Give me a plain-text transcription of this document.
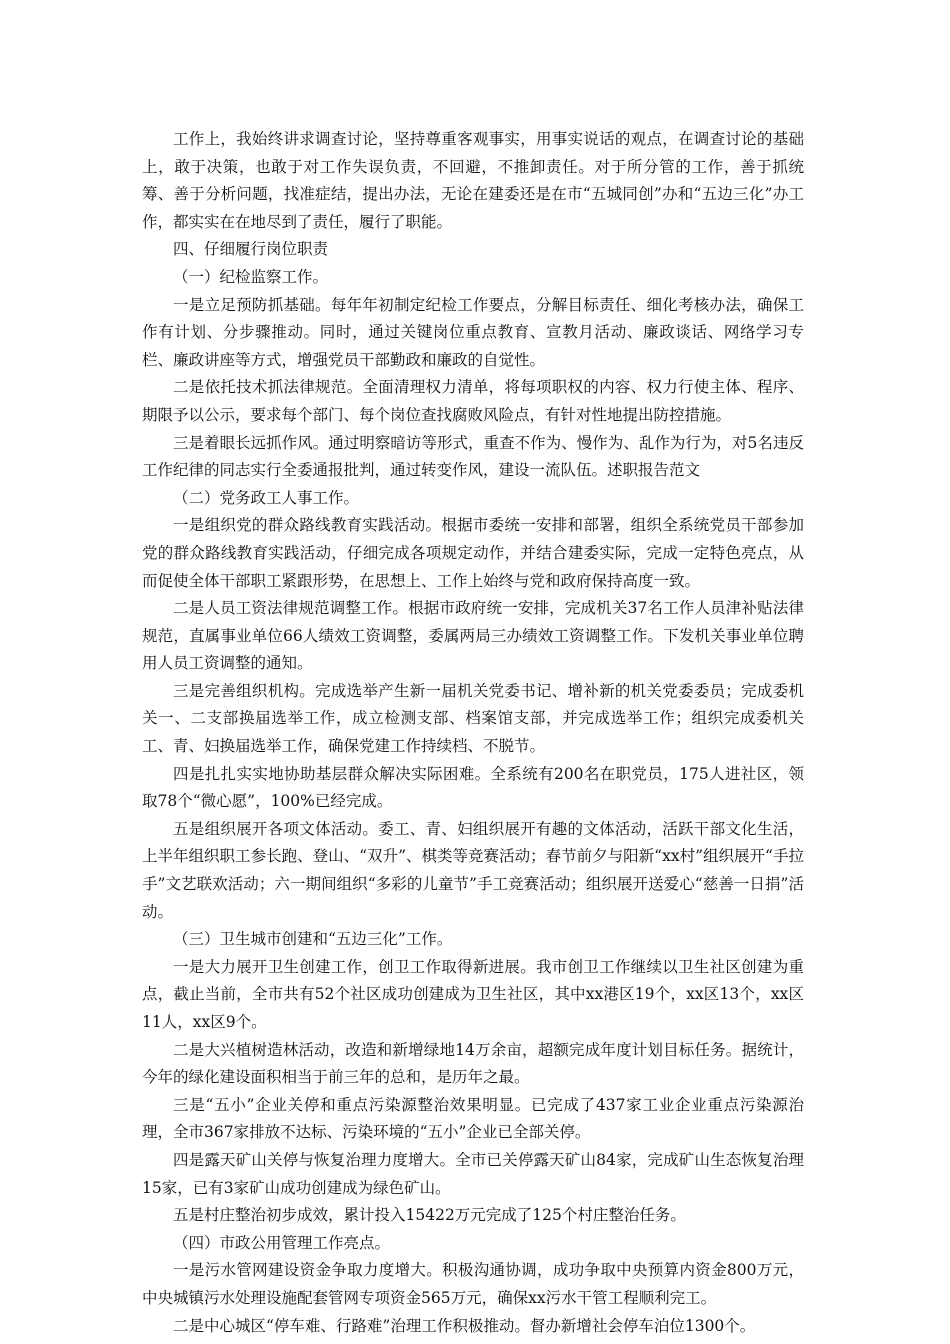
工作上，我始终讲求调查讨论，坚持尊重客观事实，用事实说话的观点，在调查讨论的基础上，敢于决策，也敢于对工作失误负责，不回避，不推卸责任。对于所分管的工作，善于抓统筹、善于分析问题，找准症结，提出办法，无论在建委还是在市“五城同创”办和“五边三化”办工作，都实实在在地尽到了责任，履行了职能。

四、仔细履行岗位职责

（一）纪检监察工作。

一是立足预防抓基础。每年年初制定纪检工作要点，分解目标责任、细化考核办法，确保工作有计划、分步骤推动。同时，通过关键岗位重点教育、宣教月活动、廉政谈话、网络学习专栏、廉政讲座等方式，增强党员干部勤政和廉政的自觉性。

二是依托技术抓法律规范。全面清理权力清单，将每项职权的内容、权力行使主体、程序、期限予以公示，要求每个部门、每个岗位查找腐败风险点，有针对性地提出防控措施。

三是着眼长远抓作风。通过明察暗访等形式，重查不作为、慢作为、乱作为行为，对5名违反工作纪律的同志实行全委通报批判，通过转变作风，建设一流队伍。述职报告范文

（二）党务政工人事工作。

一是组织党的群众路线教育实践活动。根据市委统一安排和部署，组织全系统党员干部参加党的群众路线教育实践活动，仔细完成各项规定动作，并结合建委实际，完成一定特色亮点，从而促使全体干部职工紧跟形势，在思想上、工作上始终与党和政府保持高度一致。

二是人员工资法律规范调整工作。根据市政府统一安排，完成机关37名工作人员津补贴法律规范，直属事业单位66人绩效工资调整，委属两局三办绩效工资调整工作。下发机关事业单位聘用人员工资调整的通知。

三是完善组织机构。完成选举产生新一届机关党委书记、增补新的机关党委委员；完成委机关一、二支部换届选举工作，成立检测支部、档案馆支部，并完成选举工作；组织完成委机关工、青、妇换届选举工作，确保党建工作持续档、不脱节。

四是扎扎实实地协助基层群众解决实际困难。全系统有200名在职党员，175人进社区，领取78个“微心愿”，100%已经完成。

五是组织展开各项文体活动。委工、青、妇组织展开有趣的文体活动，活跃干部文化生活，上半年组织职工参长跑、登山、“双升”、棋类等竞赛活动；春节前夕与阳新“xx村”组织展开“手拉手”文艺联欢活动；六一期间组织“多彩的儿童节”手工竞赛活动；组织展开送爱心“慈善一日捐”活动。

（三）卫生城市创建和“五边三化”工作。

一是大力展开卫生创建工作，创卫工作取得新进展。我市创卫工作继续以卫生社区创建为重点，截止当前，全市共有52个社区成功创建成为卫生社区，其中xx港区19个，xx区13个，xx区11人，xx区9个。

二是大兴植树造林活动，改造和新增绿地14万余亩，超额完成年度计划目标任务。据统计，今年的绿化建设面积相当于前三年的总和，是历年之最。

三是“五小”企业关停和重点污染源整治效果明显。已完成了437家工业企业重点污染源治理，全市367家排放不达标、污染环境的“五小”企业已全部关停。

四是露天矿山关停与恢复治理力度增大。全市已关停露天矿山84家，完成矿山生态恢复治理15家，已有3家矿山成功创建成为绿色矿山。

五是村庄整治初步成效，累计投入15422万元完成了125个村庄整治任务。

（四）市政公用管理工作亮点。

一是污水管网建设资金争取力度增大。积极沟通协调，成功争取中央预算内资金800万元，中央城镇污水处理设施配套管网专项资金565万元，确保xx污水干管工程顺利完工。

二是中心城区“停车难、行路难”治理工作积极推动。督办新增社会停车泊位1300个。
